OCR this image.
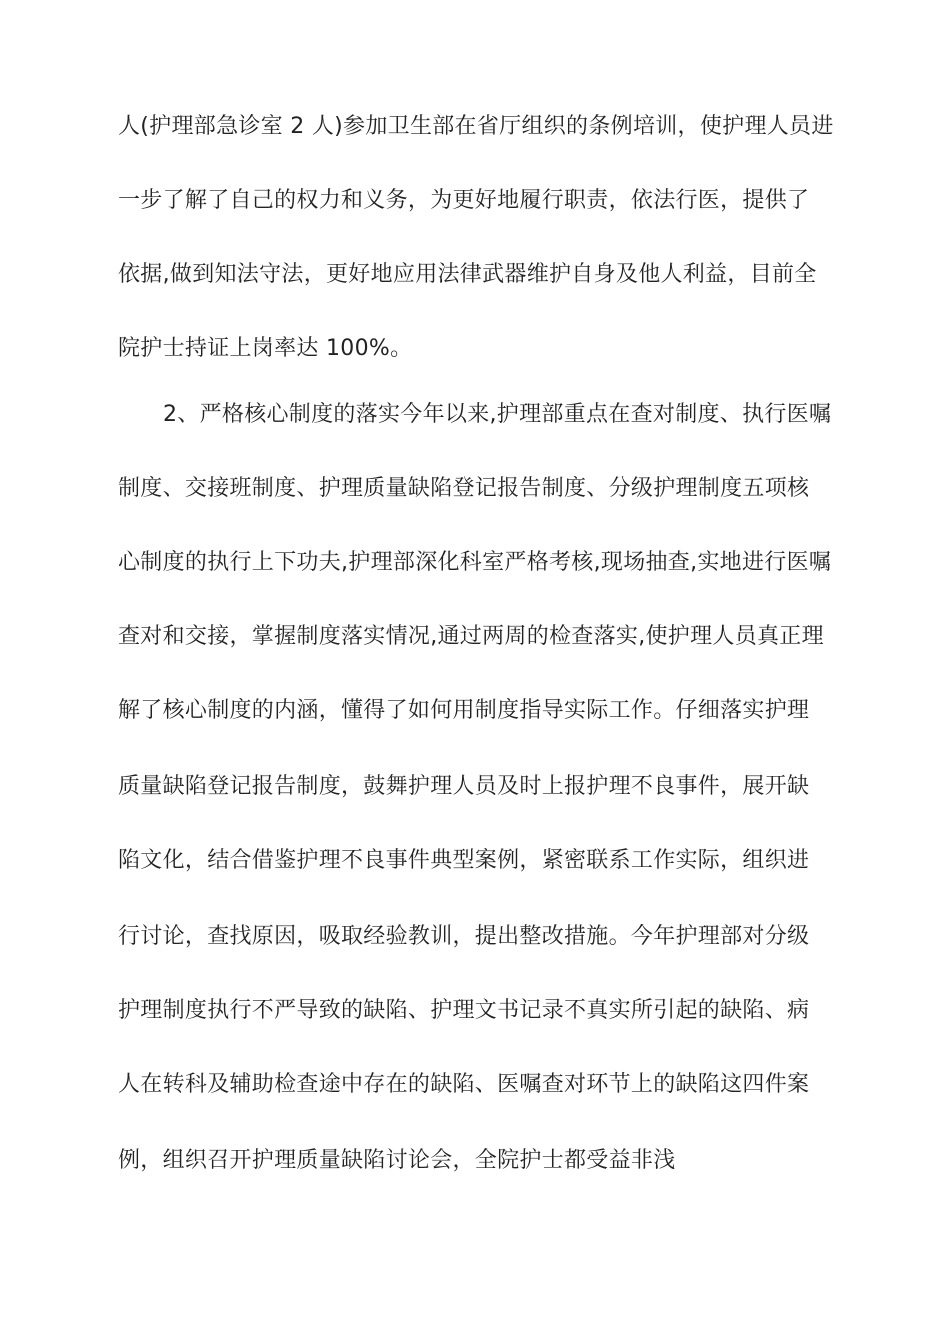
人(护理部急诊室 2 人)参加卫生部在省厅组织的条例培训，使护理人员进
一步了解了自己的权力和义务，为更好地履行职责，依法行医，提供了
依据,做到知法守法，更好地应用法律武器维护自身及他人利益，目前全
院护士持证上岗率达 100%。
2、严格核心制度的落实今年以来,护理部重点在查对制度、执行医嘱
制度、交接班制度、护理质量缺陷登记报告制度、分级护理制度五项核
心制度的执行上下功夫,护理部深化科室严格考核,现场抽查,实地进行医嘱
查对和交接，掌握制度落实情况,通过两周的检查落实,使护理人员真正理
解了核心制度的内涵，懂得了如何用制度指导实际工作。仔细落实护理
质量缺陷登记报告制度，鼓舞护理人员及时上报护理不良事件，展开缺
陷文化，结合借鉴护理不良事件典型案例，紧密联系工作实际，组织进
行讨论，查找原因，吸取经验教训，提出整改措施。今年护理部对分级
护理制度执行不严导致的缺陷、护理文书记录不真实所引起的缺陷、病
人在转科及辅助检查途中存在的缺陷、医嘱查对环节上的缺陷这四件案
例，组织召开护理质量缺陷讨论会，全院护士都受益非浅
